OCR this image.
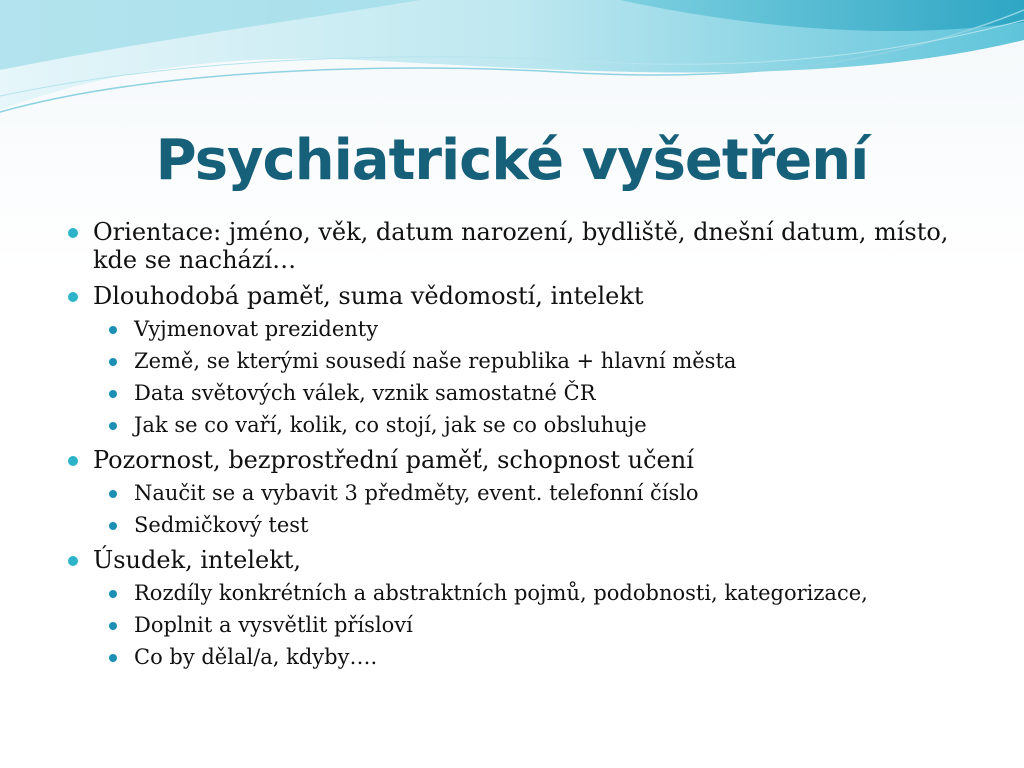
Psychiatrické vyšetření
Orientace: jméno, věk, datum narození, bydliště, dnešní datum, místo, kde se nachází…
Dlouhodobá paměť, suma vědomostí, intelekt
Vyjmenovat prezidenty
Země, se kterými sousedí naše republika + hlavní města
Data světových válek, vznik samostatné ČR
Jak se co vaří, kolik, co stojí, jak se co obsluhuje
Pozornost, bezprostřední paměť, schopnost učení
Naučit se a vybavit 3 předměty, event. telefonní číslo
Sedmičkový test
Úsudek, intelekt,
Rozdíly konkrétních a abstraktních pojmů, podobnosti, kategorizace,
Doplnit a vysvětlit přísloví
Co by dělal/a, kdyby….
